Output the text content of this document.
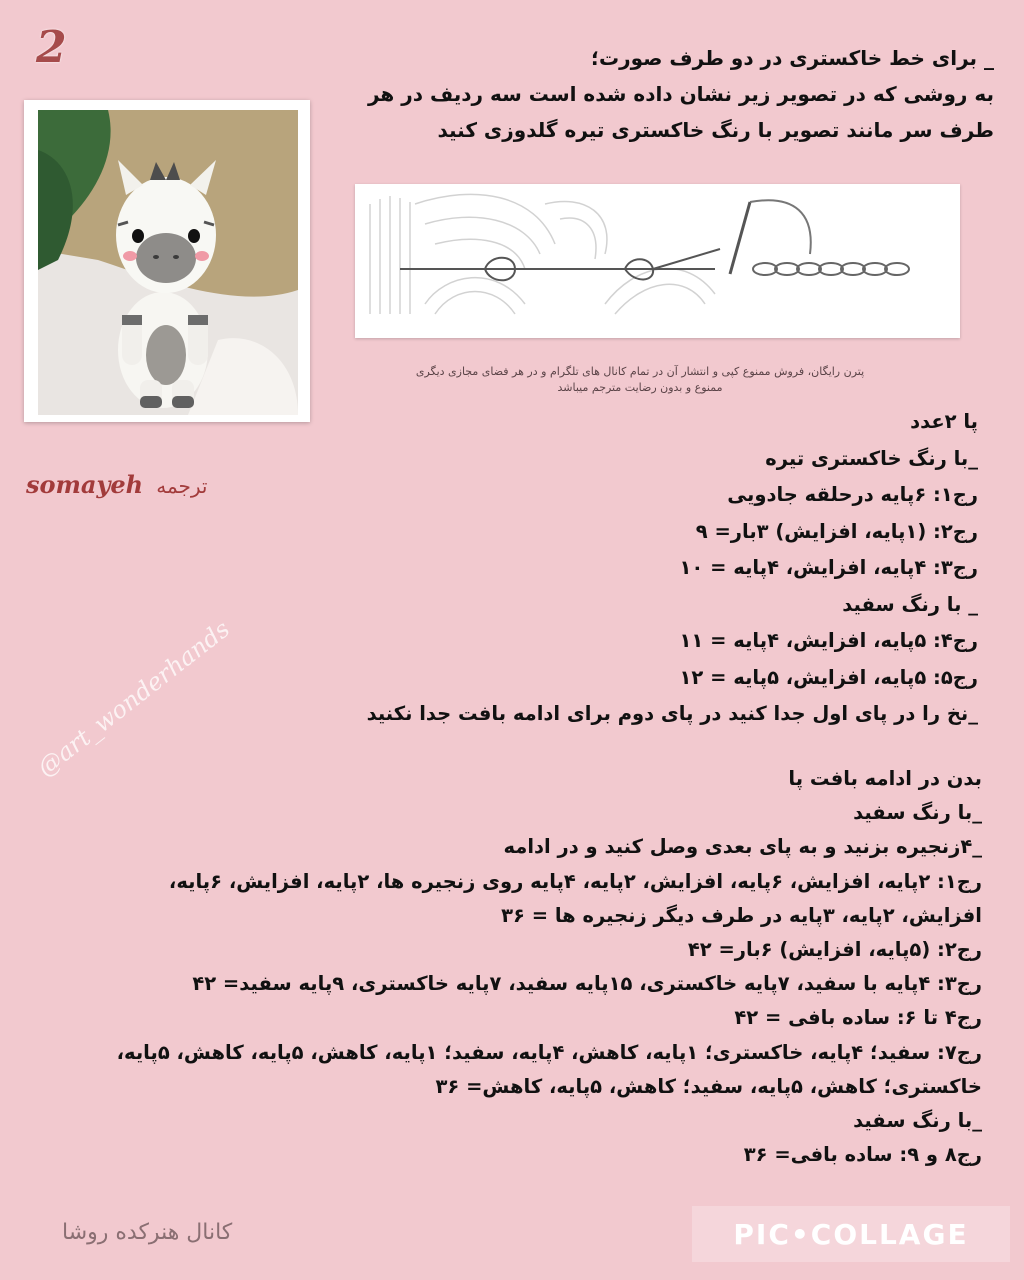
2
ترجمه somayeh
_ برای خط خاکستری در دو طرف صورت؛
به روشی که در تصویر زیر نشان داده شده است سه ردیف در هر
طرف سر مانند تصویر با رنگ خاکستری تیره گلدوزی کنید
پترن رایگان، فروش ممنوع کپی و انتشار آن در تمام کانال های تلگرام و در هر فضای مجازی دیگری
ممنوع و بدون رضایت مترجم میباشد
پا ۲عدد
_با رنگ خاکستری تیره
رج۱: ۶پایه درحلقه جادویی
رج۲: (۱پایه، افزایش) ۳بار= ۹
رج۳: ۴پایه، افزایش، ۴پایه = ۱۰
_ با رنگ سفید
رج۴: ۵پایه، افزایش، ۴پایه = ۱۱
رج۵: ۵پایه، افزایش، ۵پایه = ۱۲
_نخ را در پای اول جدا کنید در پای دوم برای ادامه بافت جدا نکنید
@art_wonderhands	بدن در ادامه بافت پا
_با رنگ سفید
_۴زنجیره بزنید و به پای بعدی وصل کنید و در ادامه
رج۱: ۲پایه، افزایش، ۶پایه، افزایش، ۲پایه، ۴پایه روی زنجیره ها، ۲پایه، افزایش، ۶پایه،
افزایش، ۲پایه، ۳پایه در طرف دیگر زنجیره ها = ۳۶
رج۲: (۵پایه، افزایش) ۶بار= ۴۲
رج۳: ۴پایه با سفید، ۷پایه خاکستری، ۱۵پایه سفید، ۷پایه خاکستری، ۹پایه سفید= ۴۲
رج۴ تا ۶: ساده بافی = ۴۲
رج۷: سفید؛ ۴پایه، خاکستری؛ ۱پایه، کاهش، ۴پایه، سفید؛ ۱پایه، کاهش، ۵پایه، کاهش، ۵پایه،
خاکستری؛ کاهش، ۵پایه، سفید؛ کاهش، ۵پایه، کاهش= ۳۶
_با رنگ سفید
رج۸ و ۹: ساده بافی= ۳۶
کانال هنرکده روشا	PIC•COLLAGE
